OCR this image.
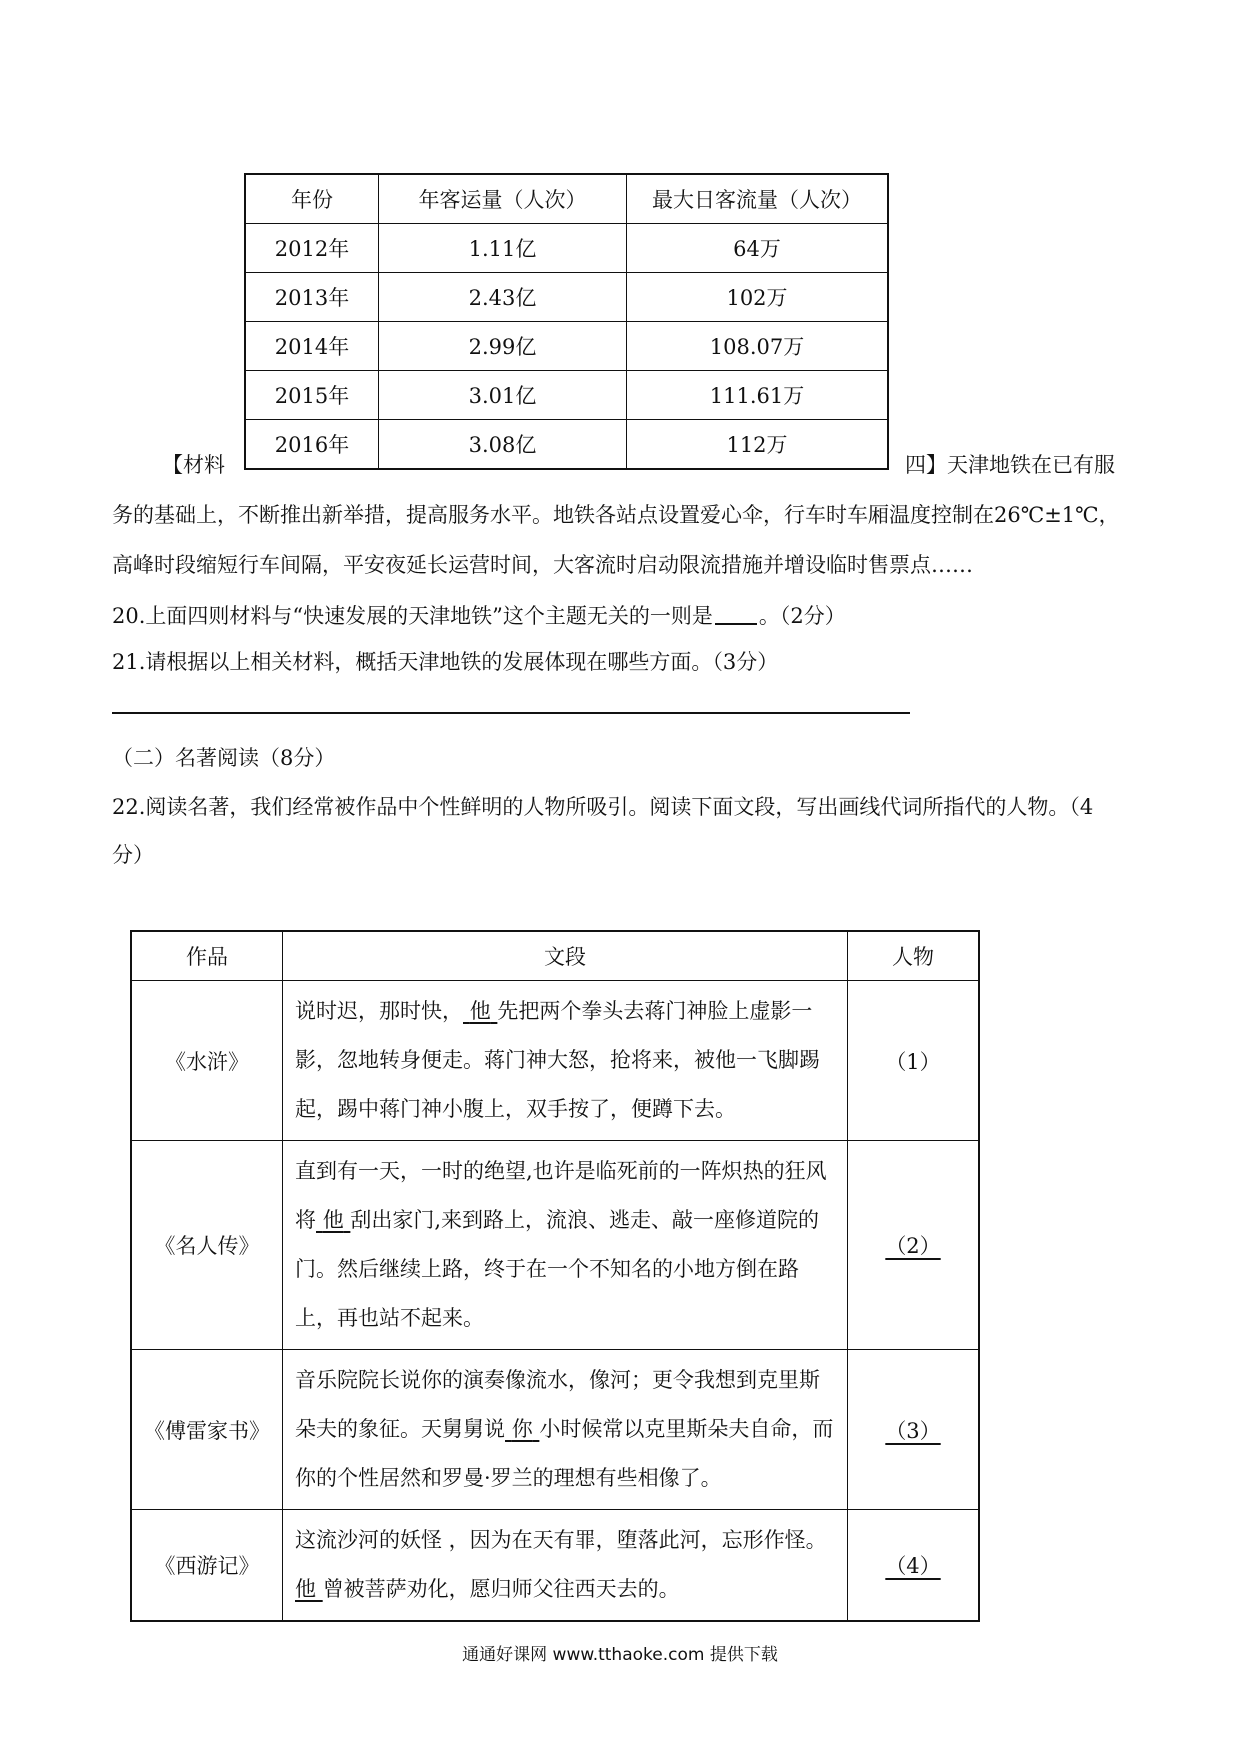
年份	年客运量（人次）	最大日客流量（人次）
2012年	1.11亿	64万
2013年	2.43亿	102万
2014年	2.99亿	108.07万
2015年	3.01亿	111.61万
2016年	3.08亿	112万
【材料	四】天津地铁在已有服
务的基础上，不断推出新举措，提高服务水平。地铁各站点设置爱心伞，行车时车厢温度控制在26℃±1℃，
高峰时段缩短行车间隔，平安夜延长运营时间，大客流时启动限流措施并增设临时售票点……
20.上面四则材料与“快速发展的天津地铁”这个主题无关的一则是 。（2分）
21.请根据以上相关材料，概括天津地铁的发展体现在哪些方面。（3分）
（二）名著阅读（8分）
22.阅读名著，我们经常被作品中个性鲜明的人物所吸引。阅读下面文段，写出画线代词所指代的人物。（4
分）
作品	文段	人物
《水浒》	说时迟，那时快， 他 先把两个拳头去蒋门神脸上虚影一影，忽地转身便走。蒋门神大怒，抢将来，被他一飞脚踢起，踢中蒋门神小腹上，双手按了，便蹲下去。	（1）
《名人传》	直到有一天，一时的绝望,也许是临死前的一阵炽热的狂风将 他 刮出家门,来到路上，流浪、逃走、敲一座修道院的门。然后继续上路，终于在一个不知名的小地方倒在路上，再也站不起来。	（2）
《傅雷家书》	音乐院院长说你的演奏像流水，像河；更令我想到克里斯朵夫的象征。天舅舅说 你 小时候常以克里斯朵夫自命，而你的个性居然和罗曼·罗兰的理想有些相像了。	（3）
《西游记》	这流沙河的妖怪 ，因为在天有罪，堕落此河，忘形作怪。他 曾被菩萨劝化，愿归师父往西天去的。	（4）
通通好课网 www.tthaoke.com 提供下载
